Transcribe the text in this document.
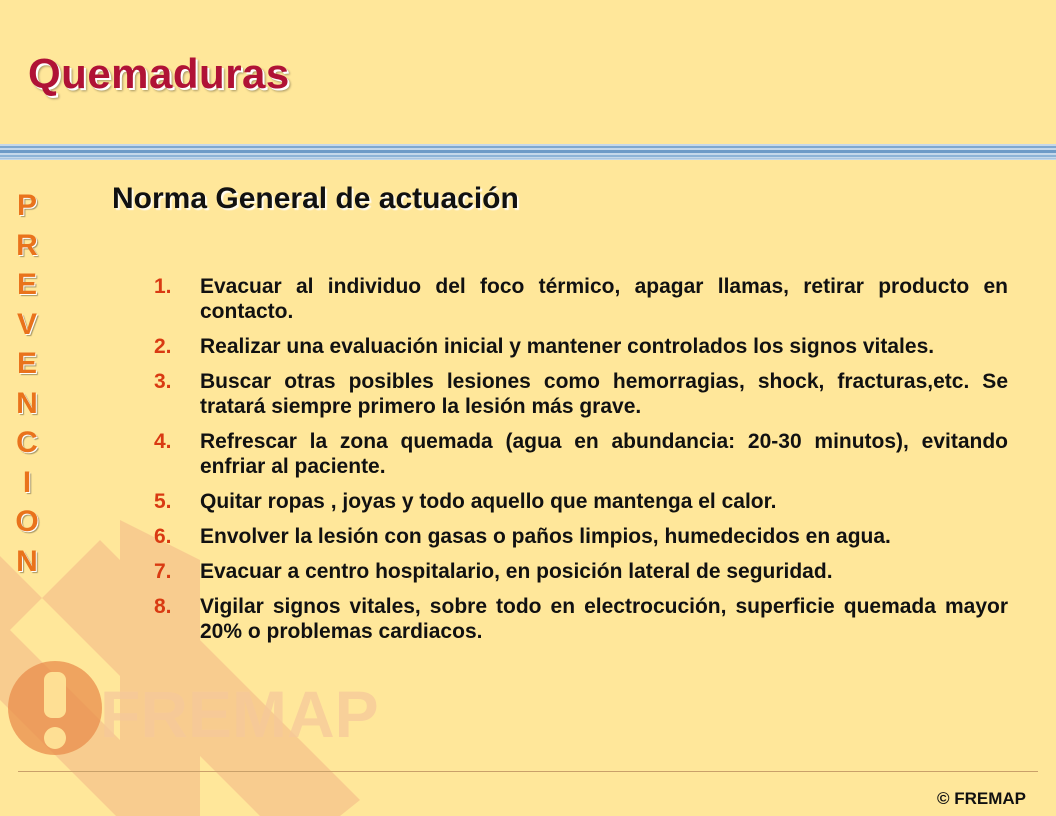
FREMAP
Quemaduras
P
R
E
V
E
N
C
I
O
N
Norma General de actuación
1.	Evacuar al individuo del foco térmico, apagar llamas, retirar producto en contacto.
2.	Realizar una evaluación inicial y mantener controlados los signos vitales.
3.	Buscar otras posibles lesiones como hemorragias, shock, fracturas,etc. Se tratará siempre primero la lesión más grave.
4.	Refrescar la zona quemada (agua en abundancia: 20-30 minutos), evitando enfriar al paciente.
5.	Quitar ropas , joyas y todo aquello que mantenga el calor.
6.	Envolver la lesión con gasas o paños limpios, humedecidos en agua.
7.	Evacuar a centro hospitalario, en posición lateral de seguridad.
8.	Vigilar signos vitales, sobre todo en electrocución, superficie quemada mayor 20% o problemas cardiacos.
© FREMAP
